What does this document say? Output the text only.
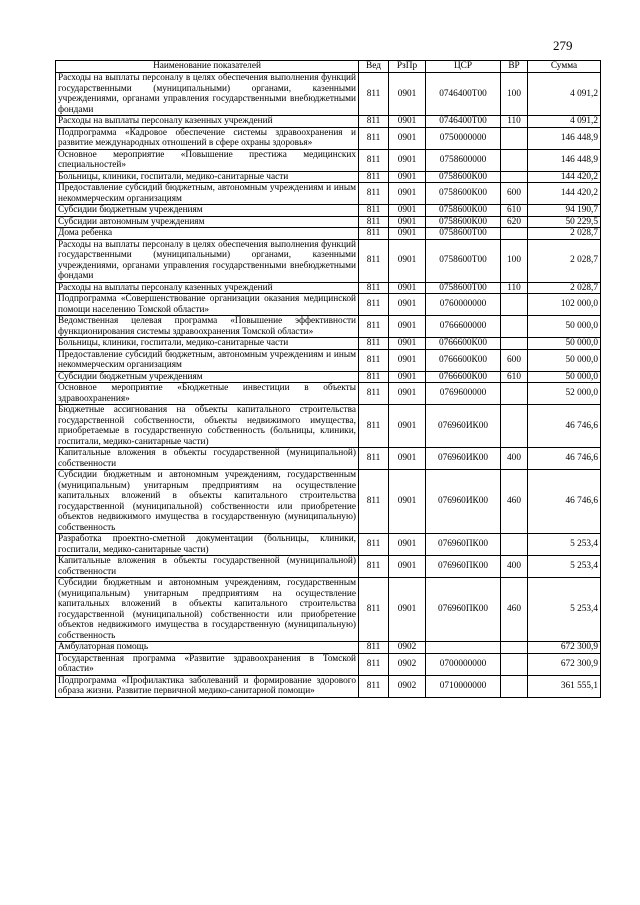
279
Наименование показателей	Вед	РзПр	ЦСР	ВР	Сумма
Расходы на выплаты персоналу в целях обеспечения выполнения функций государственными (муниципальными) органами, казенными учреждениями, органами управления государственными внебюджетными фондами	811	0901	0746400Т00	100	4 091,2
Расходы на выплаты персоналу казенных учреждений	811	0901	0746400Т00	110	4 091,2
Подпрограмма «Кадровое обеспечение системы здравоохранения и развитие международных отношений в сфере охраны здоровья»	811	0901	0750000000		146 448,9
Основное мероприятие «Повышение престижа медицинских специальностей»	811	0901	0758600000		146 448,9
Больницы, клиники, госпитали, медико-санитарные части	811	0901	0758600К00		144 420,2
Предоставление субсидий бюджетным, автономным учреждениям и иным некоммерческим организациям	811	0901	0758600К00	600	144 420,2
Субсидии бюджетным учреждениям	811	0901	0758600К00	610	94 190,7
Субсидии автономным учреждениям	811	0901	0758600К00	620	50 229,5
Дома ребенка	811	0901	0758600Т00		2 028,7
Расходы на выплаты персоналу в целях обеспечения выполнения функций государственными (муниципальными) органами, казенными учреждениями, органами управления государственными внебюджетными фондами	811	0901	0758600Т00	100	2 028,7
Расходы на выплаты персоналу казенных учреждений	811	0901	0758600Т00	110	2 028,7
Подпрограмма «Совершенствование организации оказания медицинской помощи населению Томской области»	811	0901	0760000000		102 000,0
Ведомственная целевая программа «Повышение эффективности функционирования системы здравоохранения Томской области»	811	0901	0766600000		50 000,0
Больницы, клиники, госпитали, медико-санитарные части	811	0901	0766600К00		50 000,0
Предоставление субсидий бюджетным, автономным учреждениям и иным некоммерческим организациям	811	0901	0766600К00	600	50 000,0
Субсидии бюджетным учреждениям	811	0901	0766600К00	610	50 000,0
Основное мероприятие «Бюджетные инвестиции в объекты здравоохранения»	811	0901	0769600000		52 000,0
Бюджетные ассигнования на объекты капитального строительства государственной собственности, объекты недвижимого имущества, приобретаемые в государственную собственность (больницы, клиники, госпитали, медико-санитарные части)	811	0901	076960ИК00		46 746,6
Капитальные вложения в объекты государственной (муниципальной) собственности	811	0901	076960ИК00	400	46 746,6
Субсидии бюджетным и автономным учреждениям, государственным (муниципальным) унитарным предприятиям на осуществление капитальных вложений в объекты капитального строительства государственной (муниципальной) собственности или приобретение объектов недвижимого имущества в государственную (муниципальную) собственность	811	0901	076960ИК00	460	46 746,6
Разработка проектно-сметной документации (больницы, клиники, госпитали, медико-санитарные части)	811	0901	076960ПК00		5 253,4
Капитальные вложения в объекты государственной (муниципальной) собственности	811	0901	076960ПК00	400	5 253,4
Субсидии бюджетным и автономным учреждениям, государственным (муниципальным) унитарным предприятиям на осуществление капитальных вложений в объекты капитального строительства государственной (муниципальной) собственности или приобретение объектов недвижимого имущества в государственную (муниципальную) собственность	811	0901	076960ПК00	460	5 253,4
Амбулаторная помощь	811	0902			672 300,9
Государственная программа «Развитие здравоохранения в Томской области»	811	0902	0700000000		672 300,9
Подпрограмма «Профилактика заболеваний и формирование здорового образа жизни. Развитие первичной медико-санитарной помощи»	811	0902	0710000000		361 555,1
